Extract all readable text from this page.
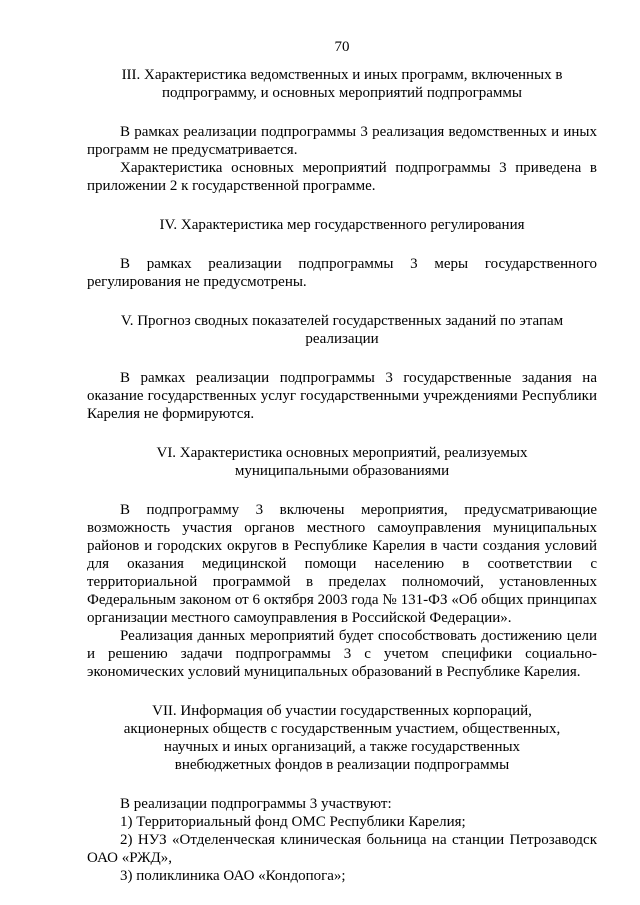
70

III. Характеристика ведомственных и иных программ, включенных в подпрограмму, и основных мероприятий подпрограммы

В рамках реализации подпрограммы 3 реализация ведомственных и иных программ не предусматривается.

Характеристика основных мероприятий подпрограммы 3 приведена в приложении 2 к государственной программе.

IV. Характеристика мер государственного регулирования

В рамках реализации подпрограммы 3 меры государственного регулирования не предусмотрены.

V. Прогноз сводных показателей государственных заданий по этапам реализации

В рамках реализации подпрограммы 3 государственные задания на оказание государственных услуг государственными учреждениями Республики Карелия не формируются.

VI. Характеристика основных мероприятий, реализуемых муниципальными образованиями

В подпрограмму 3 включены мероприятия, предусматривающие возможность участия органов местного самоуправления муниципальных районов и городских округов в Республике Карелия в части создания условий для оказания медицинской помощи населению в соответствии с территориальной программой в пределах полномочий, установленных Федеральным законом от 6 октября 2003 года № 131-ФЗ «Об общих принципах организации местного самоуправления в Российской Федерации».

Реализация данных мероприятий будет способствовать достижению цели и решению задачи подпрограммы 3 с учетом специфики социально-экономических условий муниципальных образований в Республике Карелия.

VII. Информация об участии государственных корпораций, акционерных обществ с государственным участием, общественных, научных и иных организаций, а также государственных внебюджетных фондов в реализации подпрограммы

В реализации подпрограммы 3 участвуют:

1) Территориальный фонд ОМС Республики Карелия;

2) НУЗ «Отделенческая клиническая больница на станции Петрозаводск ОАО «РЖД»,

3) поликлиника ОАО «Кондопога»;
